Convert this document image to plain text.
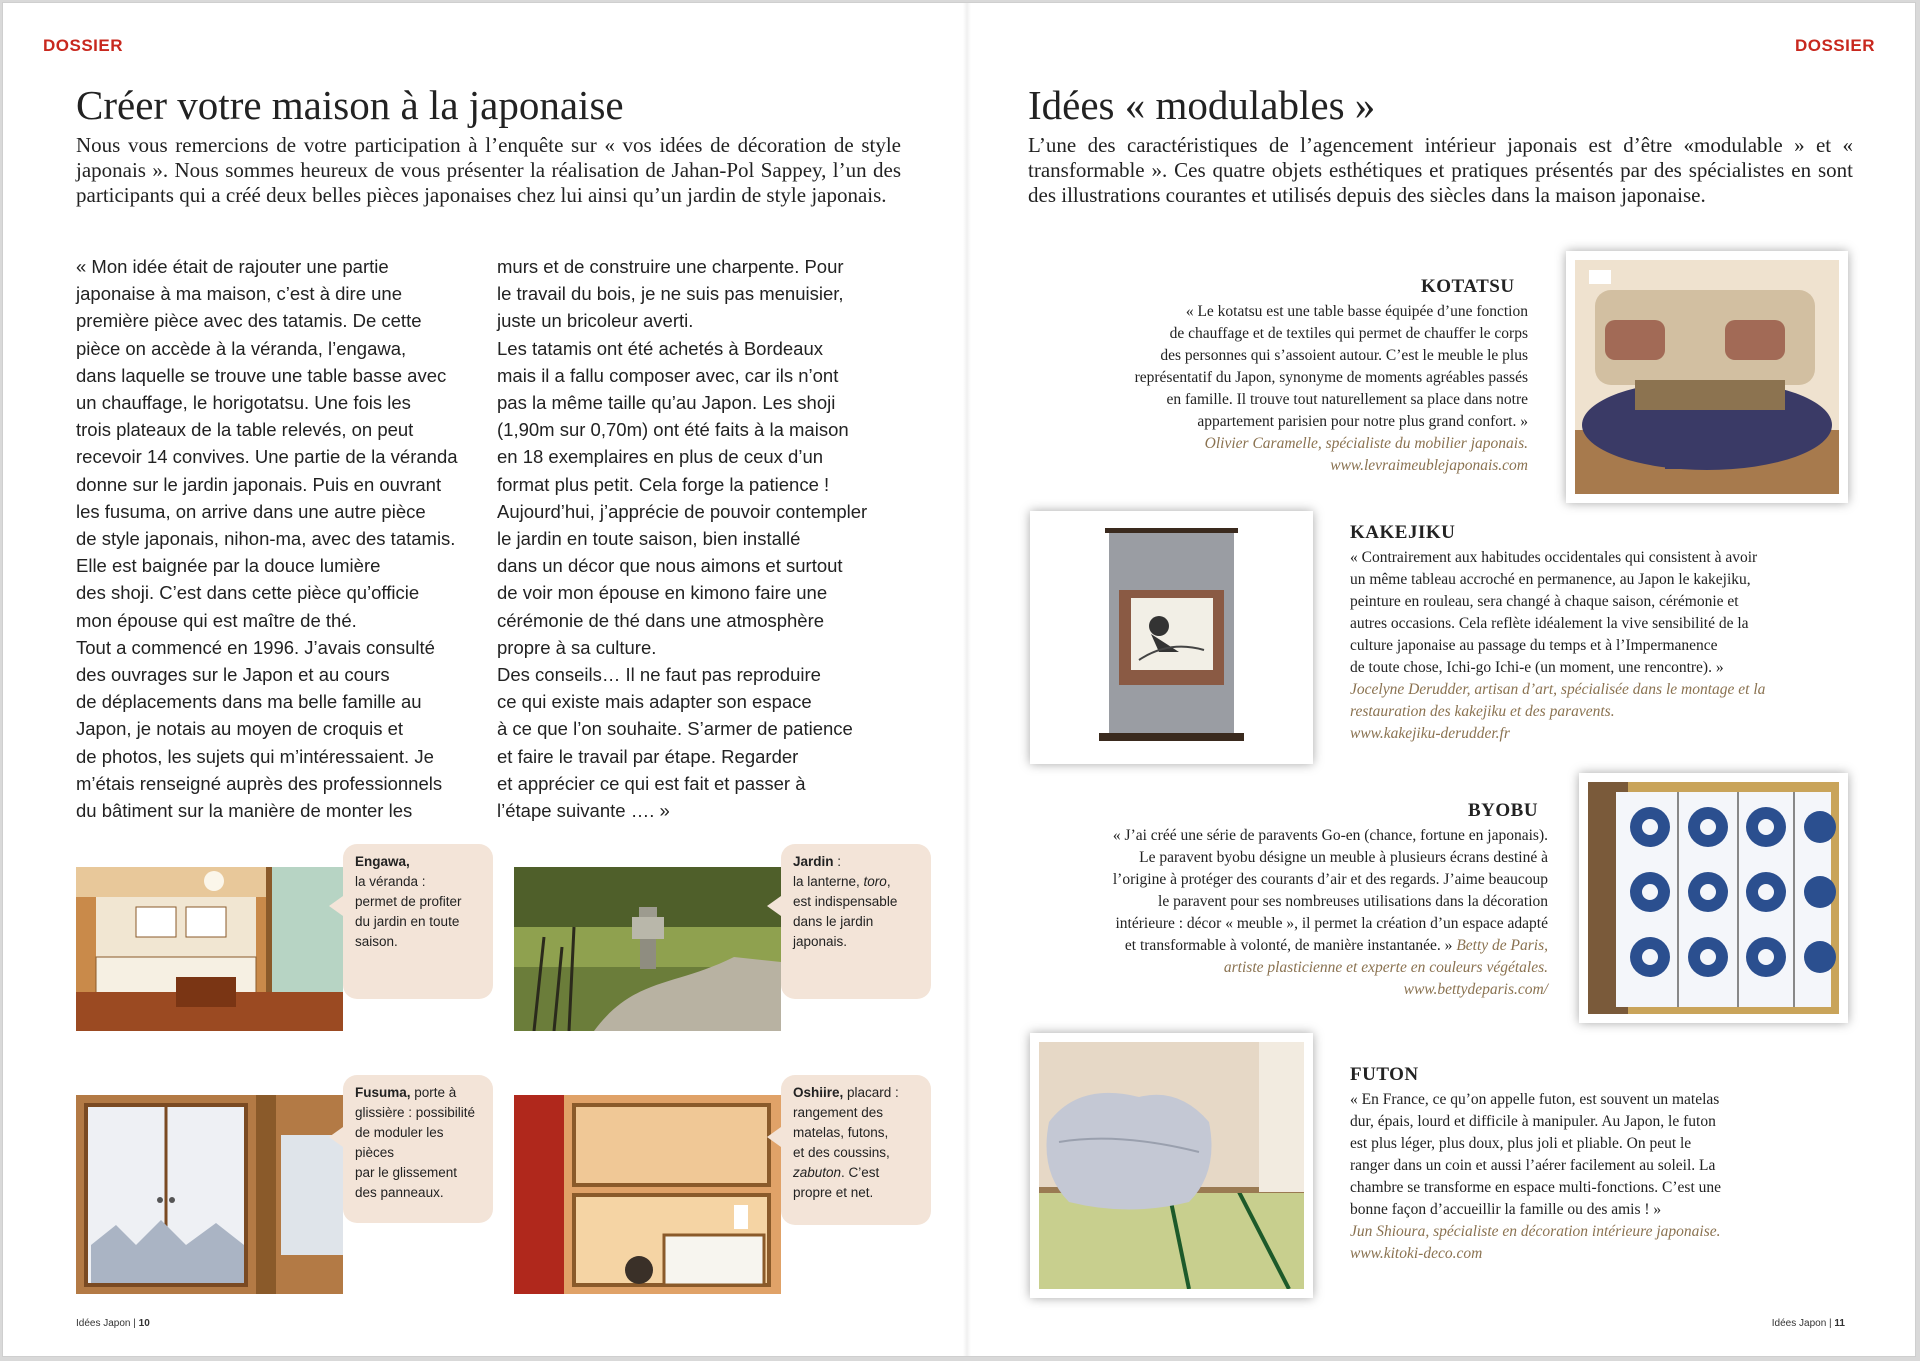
DOSSIER
Créer votre maison à la japonaise
Nous vous remercions de votre participation à l’enquête sur « vos idées de décoration de style japonais ». Nous sommes heureux de vous présenter la réalisation de Jahan-Pol Sappey, l’un des participants qui a créé deux belles pièces japonaises chez lui ainsi qu’un jardin de style japonais.

« Mon idée était de rajouter une partie

japonaise à ma maison, c’est à dire une

première pièce avec des tatamis. De cette

pièce on accède à la véranda, l’engawa,

dans laquelle se trouve une table basse avec

un chauffage, le horigotatsu. Une fois les

trois plateaux de la table relevés, on peut

recevoir 14 convives. Une partie de la véranda

donne sur le jardin japonais. Puis en ouvrant

les fusuma, on arrive dans une autre pièce

de style japonais, nihon-ma, avec des tatamis.

Elle est baignée par la douce lumière

des shoji. C’est dans cette pièce qu’officie

mon épouse qui est maître de thé.

Tout a commencé en 1996. J’avais consulté

des ouvrages sur le Japon et au cours

de déplacements dans ma belle famille au

Japon, je notais au moyen de croquis et

de photos, les sujets qui m’intéressaient. Je

m’étais renseigné auprès des professionnels

du bâtiment sur la manière de monter les

murs et de construire une charpente. Pour

le travail du bois, je ne suis pas menuisier,

juste un bricoleur averti.

Les tatamis ont été achetés à Bordeaux

mais il a fallu composer avec, car ils n’ont

pas la même taille qu’au Japon. Les shoji

(1,90m sur 0,70m) ont été faits à la maison

en 18 exemplaires en plus de ceux d’un

format plus petit. Cela forge la patience !

Aujourd’hui, j’apprécie de pouvoir contempler

le jardin en toute saison, bien installé

dans un décor que nous aimons et surtout

de voir mon épouse en kimono faire une

cérémonie de thé dans une atmosphère

propre à sa culture.

Des conseils… Il ne faut pas reproduire

ce qui existe mais adapter son espace

à ce que l’on souhaite. S’armer de patience

et faire le travail par étape. Regarder

et apprécier ce qui est fait et passer à

l’étape suivante …. »

Engawa,
la véranda :
permet de profiter
du jardin en toute
saison.
Jardin :
la lanterne, toro,
est indispensable
dans le jardin
japonais.
Fusuma, porte à
glissière : possibilité
de moduler les pièces
par le glissement
des panneaux.
Oshiire, placard :
rangement des
matelas, futons,
et des coussins,
zabuton. C’est
propre et net.
Idées Japon | 10
DOSSIER
Idées « modulables »
L’une des caractéristiques de l’agencement intérieur japonais est d’être «modulable » et « transformable ». Ces quatre objets esthétiques et pratiques présentés par des spécialistes en sont des illustrations courantes et utilisés depuis des siècles dans la maison japonaise.
KOTATSU
« Le kotatsu est une table basse équipée d’une fonction
de chauffage et de textiles qui permet de chauffer le corps
des personnes qui s’assoient autour. C’est le meuble le plus
représentatif du Japon, synonyme de moments agréables passés
en famille. Il trouve tout naturellement sa place dans notre
appartement parisien pour notre plus grand confort. »
Olivier Caramelle, spécialiste du mobilier japonais.
www.levraimeublejaponais.com
KAKEJIKU
« Contrairement aux habitudes occidentales qui consistent à avoir
un même tableau accroché en permanence, au Japon le kakejiku,
peinture en rouleau, sera changé à chaque saison, cérémonie et
autres occasions. Cela reflète idéalement la vive sensibilité de la
culture japonaise au passage du temps et à l’Impermanence
de toute chose, Ichi-go Ichi-e (un moment, une rencontre). »
Jocelyne Derudder, artisan d’art, spécialisée dans le montage et la
restauration des kakejiku et des paravents.
www.kakejiku-derudder.fr
BYOBU
« J’ai créé une série de paravents Go-en (chance, fortune en japonais).
Le paravent byobu désigne un meuble à plusieurs écrans destiné à
l’origine à protéger des courants d’air et des regards. J’aime beaucoup
le paravent pour ses nombreuses utilisations dans la décoration
intérieure : décor « meuble », il permet la création d’un espace adapté
et transformable à volonté, de manière instantanée. » Betty de Paris,
artiste plasticienne et experte en couleurs végétales.
www.bettydeparis.com/
FUTON
« En France, ce qu’on appelle futon, est souvent un matelas
dur, épais, lourd et difficile à manipuler. Au Japon, le futon
est plus léger, plus doux, plus joli et pliable. On peut le
ranger dans un coin et aussi l’aérer facilement au soleil. La
chambre se transforme en espace multi-fonctions. C’est une
bonne façon d’accueillir la famille ou des amis ! »
Jun Shioura, spécialiste en décoration intérieure japonaise.
www.kitoki-deco.com
Idées Japon | 11
